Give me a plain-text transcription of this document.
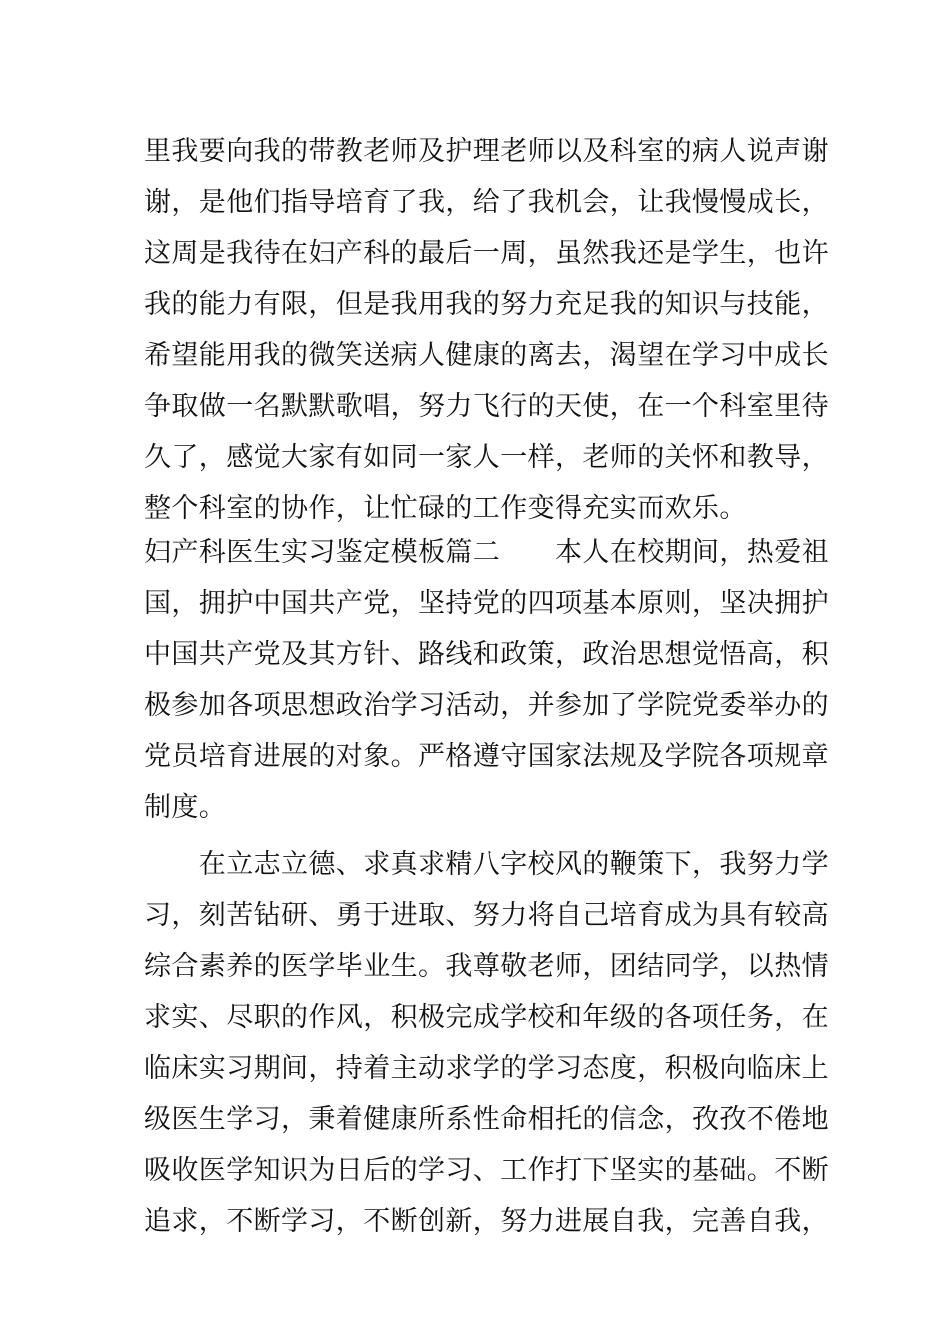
里我要向我的带教老师及护理老师以及科室的病人说声谢
谢，是他们指导培育了我，给了我机会，让我慢慢成长，
这周是我待在妇产科的最后一周，虽然我还是学生，也许
我的能力有限，但是我用我的努力充足我的知识与技能，
希望能用我的微笑送病人健康的离去，渴望在学习中成长
争取做一名默默歌唱，努力飞行的天使，在一个科室里待
久了，感觉大家有如同一家人一样，老师的关怀和教导，
整个科室的协作，让忙碌的工作变得充实而欢乐。
妇产科医生实习鉴定模板篇二　　本人在校期间，热爱祖
国，拥护中国共产党，坚持党的四项基本原则，坚决拥护
中国共产党及其方针、路线和政策，政治思想觉悟高，积
极参加各项思想政治学习活动，并参加了学院党委举办的
党员培育进展的对象。严格遵守国家法规及学院各项规章
制度。
　　在立志立德、求真求精八字校风的鞭策下，我努力学
习，刻苦钻研、勇于进取、努力将自己培育成为具有较高
综合素养的医学毕业生。我尊敬老师，团结同学，以热情
求实、尽职的作风，积极完成学校和年级的各项任务，在
临床实习期间，持着主动求学的学习态度，积极向临床上
级医生学习，秉着健康所系性命相托的信念，孜孜不倦地
吸收医学知识为日后的学习、工作打下坚实的基础。不断
追求，不断学习，不断创新，努力进展自我，完善自我，
